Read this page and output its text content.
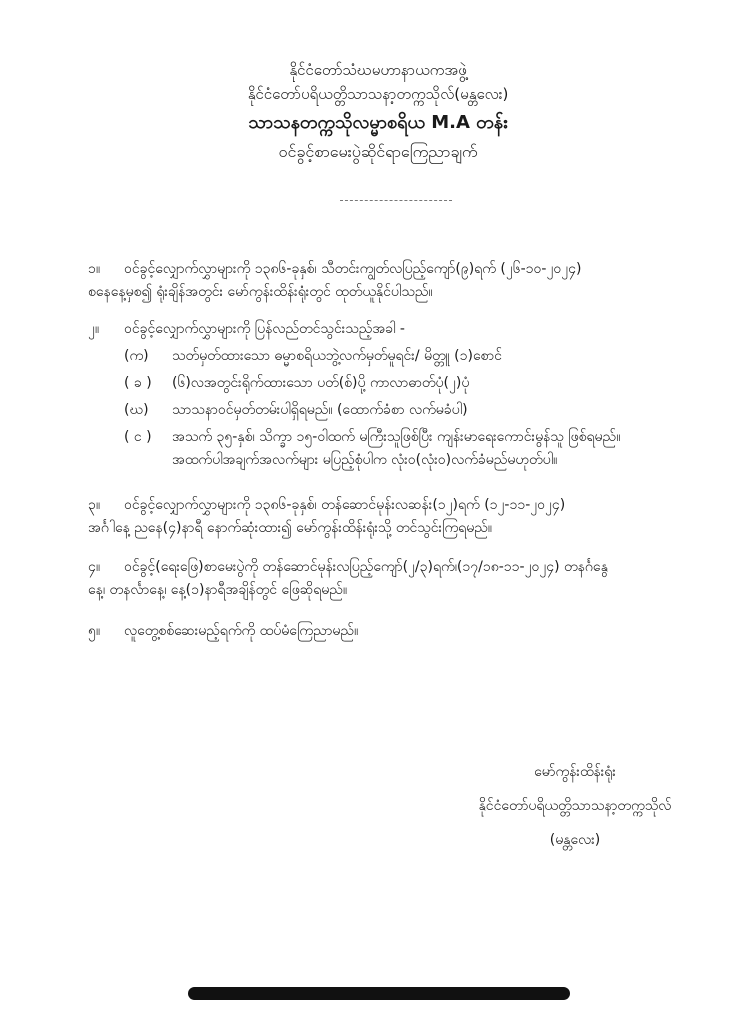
နိုင်ငံတော်သံဃမဟာနာယကအဖွဲ့
နိုင်ငံတော်ပရိယတ္တိသာသနာ့တက္ကသိုလ်(မန္တလေး)
သာသနတက္ကသိုလမ္မာစရိယ M.A တန်း
ဝင်ခွင့်စာမေးပွဲဆိုင်ရာကြေညာချက်
၁။ ဝင်ခွင့်လျှောက်လွှာများကို ၁၃၈၆-ခုနှစ်၊ သီတင်းကျွတ်လပြည့်ကျော်(၉)ရက် (၂၆-၁၀-၂၀၂၄)
စနေနေ့မှစ၍ ရုံးချိန်အတွင်း မော်ကွန်းထိန်းရုံးတွင် ထုတ်ယူနိုင်ပါသည်။
၂။ ဝင်ခွင့်လျှောက်လွှာများကို ပြန်လည်တင်သွင်းသည့်အခါ -
(က) သတ်မှတ်ထားသော ဓမ္မာစရိယဘွဲ့လက်မှတ်မူရင်း/ မိတ္တူ (၁)စောင်
( ခ ) (၆)လအတွင်းရိုက်ထားသော ပတ်(စ်)ပို့ ကာလာဓာတ်ပုံ(၂)ပုံ
(ဃ) သာသနာဝင်မှတ်တမ်းပါရှိရမည်။ (ထောက်ခံစာ လက်မခံပါ)
( င ) အသက် ၃၅-နှစ်၊ သိက္ခာ ၁၅-ဝါထက် မကြီးသူဖြစ်ပြီး ကျန်းမာရေးကောင်းမွန်သူ ဖြစ်ရမည်။
အထက်ပါအချက်အလက်များ မပြည့်စုံပါက လုံးဝ(လုံးဝ)လက်ခံမည်မဟုတ်ပါ။
၃။ ဝင်ခွင့်လျှောက်လွှာများကို ၁၃၈၆-ခုနှစ်၊ တန်ဆောင်မုန်းလဆန်း(၁၂)ရက် (၁၂-၁၁-၂၀၂၄)
အင်္ဂါနေ့ ညနေ(၄)နာရီ နောက်ဆုံးထား၍ မော်ကွန်းထိန်းရုံးသို့ တင်သွင်းကြရမည်။
၄။ ဝင်ခွင့်(ရေးဖြေ)စာမေးပွဲကို တန်ဆောင်မုန်းလပြည့်ကျော်(၂/၃)ရက်၊(၁၇/၁၈-၁၁-၂၀၂၄) တနင်္ဂနွေ
နေ့၊ တနင်္လာနေ့၊ နေ့(၁)နာရီအချိန်တွင် ဖြေဆိုရမည်။
၅။ လူတွေ့စစ်ဆေးမည့်ရက်ကို ထပ်မံကြေညာမည်။
မော်ကွန်းထိန်းရုံး
နိုင်ငံတော်ပရိယတ္တိသာသနာ့တက္ကသိုလ်
(မန္တလေး)
